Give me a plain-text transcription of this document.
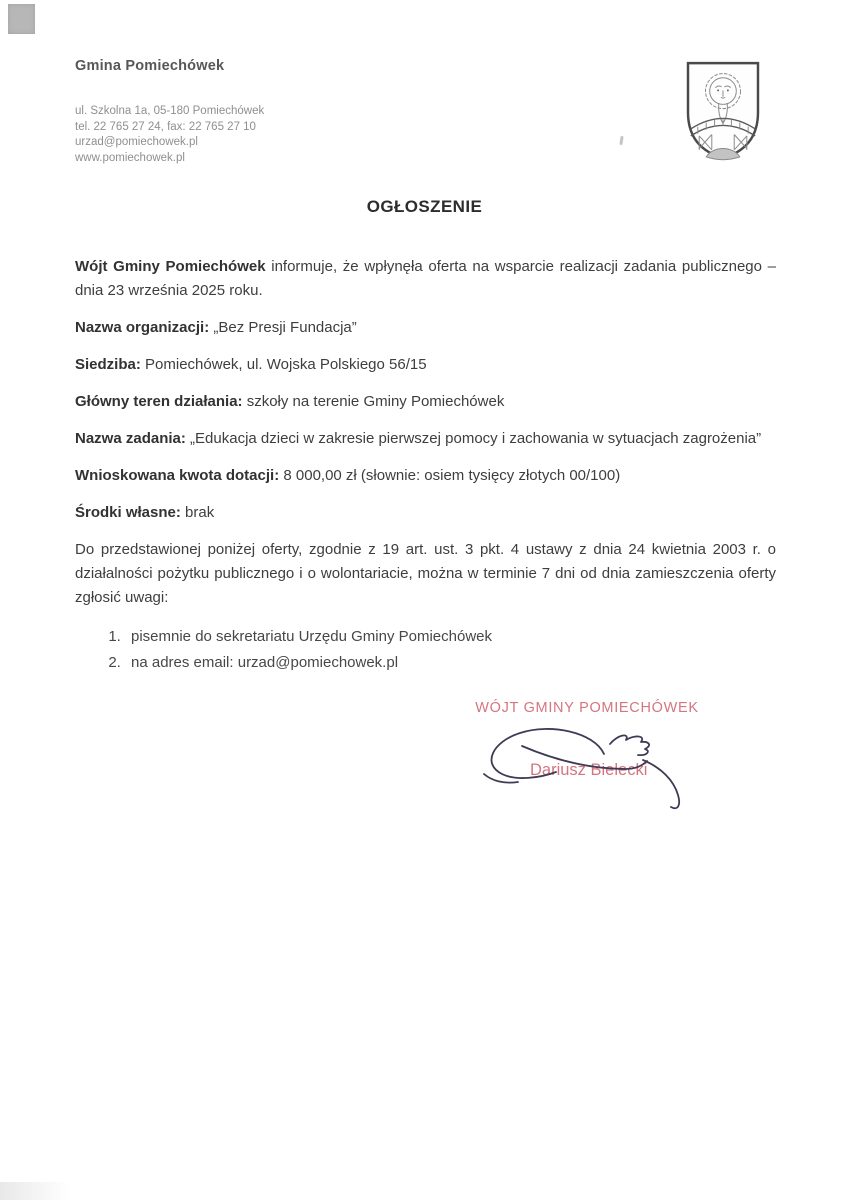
Gmina Pomiechówek
ul. Szkolna 1a, 05-180 Pomiechówek
tel. 22 765 27 24, fax: 22 765 27 10
urzad@pomiechowek.pl
www.pomiechowek.pl
OGŁOSZENIE

Wójt Gminy Pomiechówek informuje, że wpłynęła oferta na wsparcie realizacji zadania publicznego – dnia 23 września 2025 roku.

Nazwa organizacji: „Bez Presji Fundacja”

Siedziba: Pomiechówek, ul. Wojska Polskiego 56/15

Główny teren działania: szkoły na terenie Gminy Pomiechówek

Nazwa zadania: „Edukacja dzieci w zakresie pierwszej pomocy i zachowania w sytuacjach zagrożenia”

Wnioskowana kwota dotacji: 8 000,00 zł (słownie: osiem tysięcy złotych 00/100)

Środki własne: brak

Do przedstawionej poniżej oferty, zgodnie z 19 art. ust. 3 pkt. 4 ustawy z dnia 24 kwietnia 2003 r. o działalności pożytku publicznego i o wolontariacie, można w terminie 7 dni od dnia zamieszczenia oferty zgłosić uwagi:

1. pisemnie do sekretariatu Urzędu Gminy Pomiechówek
2. na adres email: urzad@pomiechowek.pl
WÓJT GMINY POMIECHÓWEK
Dariusz Bielecki
